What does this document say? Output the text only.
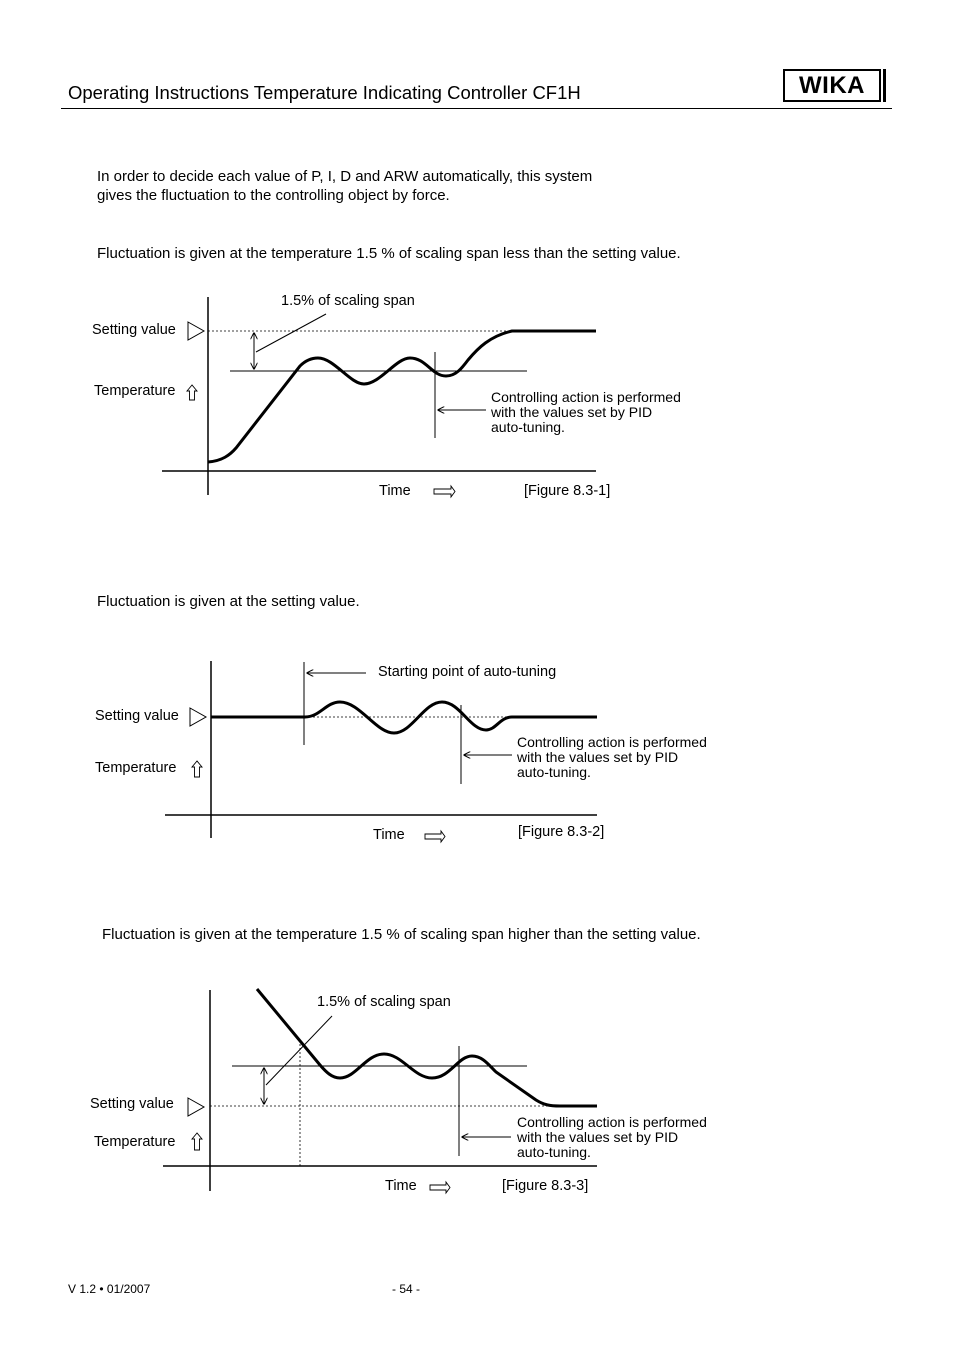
Operating Instructions Temperature Indicating Controller CF1H	WIKA
In order to decide each value of P, I, D and ARW automatically, this system
gives the fluctuation to the controlling object by force.
Fluctuation is given at the temperature 1.5 % of scaling span less than the setting value.
Fluctuation is given at the setting value.
Fluctuation is given at the temperature 1.5 % of scaling span higher than the setting value.
Setting value
Temperature
1.5% of scaling span
Controlling action is performed
with the values set by PID
auto-tuning.
Time	[Figure 8.3-1]
Setting value
Temperature
Starting point of auto-tuning
Controlling action is performed
with the values set by PID
auto-tuning.
Time	[Figure 8.3-2]
Setting value
Temperature
1.5% of scaling span
Controlling action is performed
with the values set by PID
auto-tuning.
Time	[Figure 8.3-3]
V 1.2 • 01/2007	- 54 -
